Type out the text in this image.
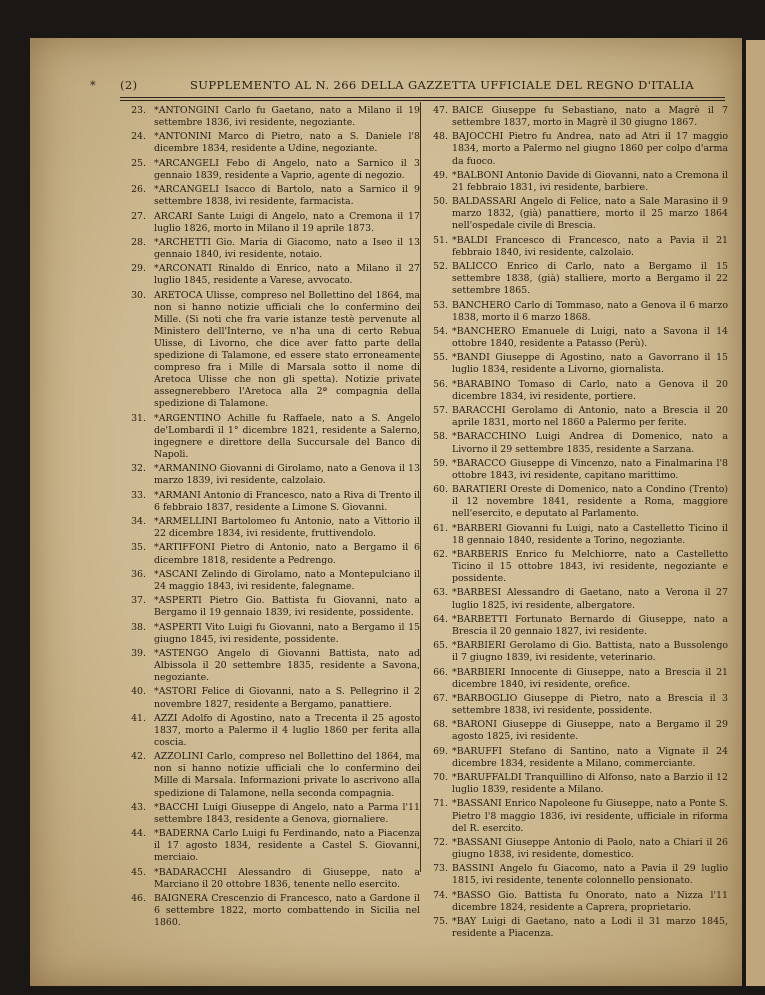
* (2)	SUPPLEMENTO AL N. 266 DELLA GAZZETTA UFFICIALE DEL REGNO D'ITALIA
23. *ANTONGINI Carlo fu Gaetano, nato a Milano il 19 settembre 1836, ivi residente, negoziante.
24. *ANTONINI Marco di Pietro, nato a S. Daniele l'8 dicembre 1834, residente a Udine, negoziante.
25. *ARCANGELI Febo di Angelo, nato a Sarnico il 3 gennaio 1839, residente a Vaprio, agente di negozio.
26. *ARCANGELI Isacco di Bartolo, nato a Sarnico il 9 settembre 1838, ivi residente, farmacista.
27. ARCARI Sante Luigi di Angelo, nato a Cremona il 17 luglio 1826, morto in Milano il 19 aprile 1873.
28. *ARCHETTI Gio. Maria di Giacomo, nato a Iseo il 13 gennaio 1840, ivi residente, notaio.
29. *ARCONATI Rinaldo di Enrico, nato a Milano il 27 luglio 1845, residente a Varese, avvocato.
30. ARETOCA Ulisse, compreso nel Bollettino del 1864, ma non si hanno notizie ufficiali che lo confermino dei Mille. (Si noti che fra varie istanze testè pervenute al Ministero dell'Interno, ve n'ha una di certo Rebua Ulisse, di Livorno, che dice aver fatto parte della spedizione di Talamone, ed essere stato erroneamente compreso fra i Mille di Marsala sotto il nome di Aretoca Ulisse che non gli spetta). Notizie private assegnerebbero l'Aretoca alla 2ª compagnia della spedizione di Talamone.
31. *ARGENTINO Achille fu Raffaele, nato a S. Angelo de'Lombardi il 1° dicembre 1821, residente a Salerno, ingegnere e direttore della Succursale del Banco di Napoli.
32. *ARMANINO Giovanni di Girolamo, nato a Genova il 13 marzo 1839, ivi residente, calzolaio.
33. *ARMANI Antonio di Francesco, nato a Riva di Trento il 6 febbraio 1837, residente a Limone S. Giovanni.
34. *ARMELLINI Bartolomeo fu Antonio, nato a Vittorio il 22 dicembre 1834, ivi residente, fruttivendolo.
35. *ARTIFFONI Pietro di Antonio, nato a Bergamo il 6 dicembre 1818, residente a Pedrengo.
36. *ASCANI Zelindo di Girolamo, nato a Montepulciano il 24 maggio 1843, ivi residente, falegname.
37. *ASPERTI Pietro Gio. Battista fu Giovanni, nato a Bergamo il 19 gennaio 1839, ivi residente, possidente.
38. *ASPERTI Vito Luigi fu Giovanni, nato a Bergamo il 15 giugno 1845, ivi residente, possidente.
39. *ASTENGO Angelo di Giovanni Battista, nato ad Albissola il 20 settembre 1835, residente a Savona, negoziante.
40. *ASTORI Felice di Giovanni, nato a S. Pellegrino il 2 novembre 1827, residente a Bergamo, panattiere.
41. AZZI Adolfo di Agostino, nato a Trecenta il 25 agosto 1837, morto a Palermo il 4 luglio 1860 per ferita alla coscia.
42. AZZOLINI Carlo, compreso nel Bollettino del 1864, ma non si hanno notizie ufficiali che lo confermino dei Mille di Marsala. Informazioni private lo ascrivono alla spedizione di Talamone, nella seconda compagnia.
43. *BACCHI Luigi Giuseppe di Angelo, nato a Parma l'11 settembre 1843, residente a Genova, giornaliere.
44. *BADERNA Carlo Luigi fu Ferdinando, nato a Piacenza il 17 agosto 1834, residente a Castel S. Giovanni, merciaio.
45. *BADARACCHI Alessandro di Giuseppe, nato a Marciano il 20 ottobre 1836, tenente nello esercito.
46. BAIGNERA Crescenzio di Francesco, nato a Gardone il 6 settembre 1822, morto combattendo in Sicilia nel 1860.
47. BAICE Giuseppe fu Sebastiano, nato a Magrè il 7 settembre 1837, morto in Magrè il 30 giugno 1867.
48. BAJOCCHI Pietro fu Andrea, nato ad Atri il 17 maggio 1834, morto a Palermo nel giugno 1860 per colpo d'arma da fuoco.
49. *BALBONI Antonio Davide di Giovanni, nato a Cremona il 21 febbraio 1831, ivi residente, barbiere.
50. BALDASSARI Angelo di Felice, nato a Sale Marasino il 9 marzo 1832, (già) panattiere, morto il 25 marzo 1864 nell'ospedale civile di Brescia.
51. *BALDI Francesco di Francesco, nato a Pavia il 21 febbraio 1840, ivi residente, calzolaio.
52. BALICCO Enrico di Carlo, nato a Bergamo il 15 settembre 1838, (già) stalliere, morto a Bergamo il 22 settembre 1865.
53. BANCHERO Carlo di Tommaso, nato a Genova il 6 marzo 1838, morto il 6 marzo 1868.
54. *BANCHERO Emanuele di Luigi, nato a Savona il 14 ottobre 1840, residente a Patasso (Perù).
55. *BANDI Giuseppe di Agostino, nato a Gavorrano il 15 luglio 1834, residente a Livorno, giornalista.
56. *BARABINO Tomaso di Carlo, nato a Genova il 20 dicembre 1834, ivi residente, portiere.
57. BARACCHI Gerolamo di Antonio, nato a Brescia il 20 aprile 1831, morto nel 1860 a Palermo per ferite.
58. *BARACCHINO Luigi Andrea di Domenico, nato a Livorno il 29 settembre 1835, residente a Sarzana.
59. *BARACCO Giuseppe di Vincenzo, nato a Finalmarina l'8 ottobre 1843, ivi residente, capitano marittimo.
60. BARATIERI Oreste di Domenico, nato a Condino (Trento) il 12 novembre 1841, residente a Roma, maggiore nell'esercito, e deputato al Parlamento.
61. *BARBERI Giovanni fu Luigi, nato a Castelletto Ticino il 18 gennaio 1840, residente a Torino, negoziante.
62. *BARBERIS Enrico fu Melchiorre, nato a Castelletto Ticino il 15 ottobre 1843, ivi residente, negoziante e possidente.
63. *BARBESI Alessandro di Gaetano, nato a Verona il 27 luglio 1825, ivi residente, albergatore.
64. *BARBETTI Fortunato Bernardo di Giuseppe, nato a Brescia il 20 gennaio 1827, ivi residente.
65. *BARBIERI Gerolamo di Gio. Battista, nato a Bussolengo il 7 giugno 1839, ivi residente, veterinario.
66. *BARBIERI Innocente di Giuseppe, nato a Brescia il 21 dicembre 1840, ivi residente, orefice.
67. *BARBOGLIO Giuseppe di Pietro, nato a Brescia il 3 settembre 1838, ivi residente, possidente.
68. *BARONI Giuseppe di Giuseppe, nato a Bergamo il 29 agosto 1825, ivi residente.
69. *BARUFFI Stefano di Santino, nato a Vignate il 24 dicembre 1834, residente a Milano, commerciante.
70. *BARUFFALDI Tranquillino di Alfonso, nato a Barzio il 12 luglio 1839, residente a Milano.
71. *BASSANI Enrico Napoleone fu Giuseppe, nato a Ponte S. Pietro l'8 maggio 1836, ivi residente, ufficiale in riforma del R. esercito.
72. *BASSANI Giuseppe Antonio di Paolo, nato a Chiari il 26 giugno 1838, ivi residente, domestico.
73. BASSINI Angelo fu Giacomo, nato a Pavia il 29 luglio 1815, ivi residente, tenente colonnello pensionato.
74. *BASSO Gio. Battista fu Onorato, nato a Nizza l'11 dicembre 1824, residente a Caprera, proprietario.
75. *BAY Luigi di Gaetano, nato a Lodi il 31 marzo 1845, residente a Piacenza.
